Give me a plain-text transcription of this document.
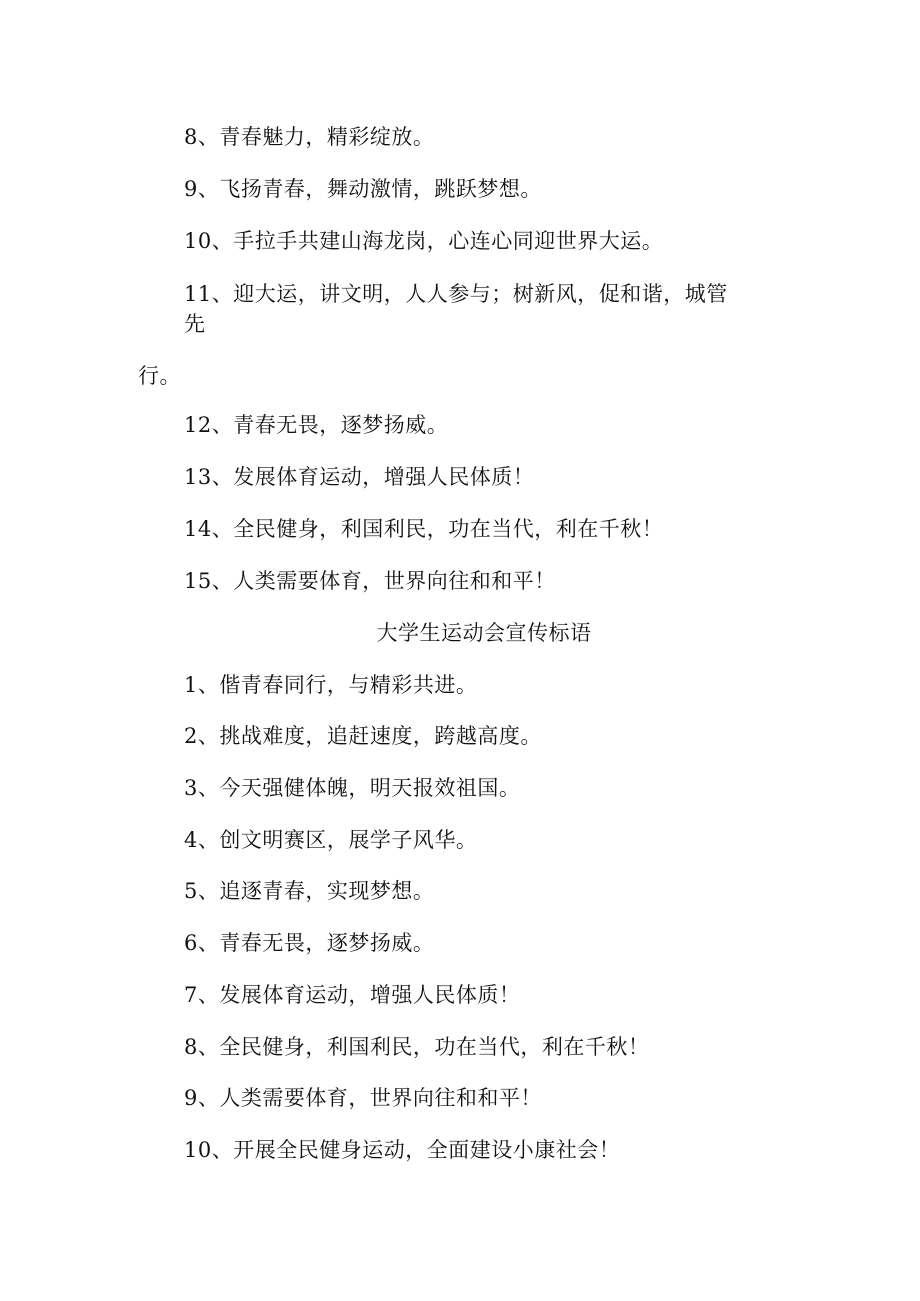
8、青春魅力，精彩绽放。
9、飞扬青春，舞动激情，跳跃梦想。
10、手拉手共建山海龙岗，心连心同迎世界大运。
11、迎大运，讲文明，人人参与；树新风，促和谐，城管
先
行。
12、青春无畏，逐梦扬威。
13、发展体育运动，增强人民体质！
14、全民健身，利国利民，功在当代，利在千秋！
15、人类需要体育，世界向往和和平！
大学生运动会宣传标语
1、偕青春同行，与精彩共进。
2、挑战难度，追赶速度，跨越高度。
3、今天强健体魄，明天报效祖国。
4、创文明赛区，展学子风华。
5、追逐青春，实现梦想。
6、青春无畏，逐梦扬威。
7、发展体育运动，增强人民体质！
8、全民健身，利国利民，功在当代，利在千秋！
9、人类需要体育，世界向往和和平！
10、开展全民健身运动，全面建设小康社会！
